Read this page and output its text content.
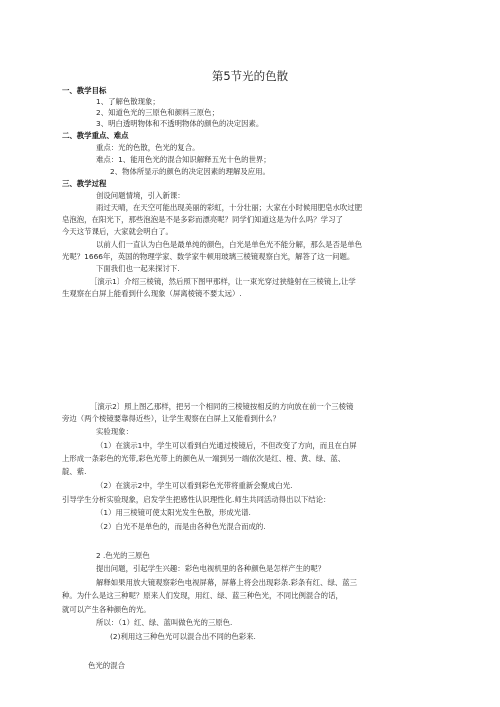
第5节光的色散
一、教学目标
1、了解色散现象；
2、知道色光的三原色和颜料三原色；
3、明白透明物体和不透明物体的颜色的决定因素。
二、教学重点、难点
重点：光的色散，色光的复合。
难点：1、能用色光的混合知识解释五光十色的世界；
2、物体所显示的颜色的决定因素的理解及应用。
三、教学过程
创设问题情境，引入新课：
雨过天晴，在天空可能出现美丽的彩虹，十分壮丽；大家在小时候用肥皂水吹过肥
皂泡泡，在阳光下，那些泡泡是不是多彩而漂亮呢？同学们知道这是为什么吗？学习了
今天这节课后，大家就会明白了。
以前人们一直认为白色是最单纯的颜色，白光是单色光不能分解，那么是否是单色
光呢？1666年，英国的物理学家、数学家牛顿用玻璃三棱镜观察白光，解答了这一问题。
下面我们也一起来探讨下.
［演示1〕介绍三棱镜，然后照下图甲那样，让一束光穿过狭缝射在三棱镜上,让学
生观察在白屏上能看到什么现象（屏离棱镜不要太远）.
［演示2〕照上图乙那样，把另一个相同的三棱镜按相反的方向放在前一个三棱镜
旁边（两个棱镜要靠得近些），让学生观察在白屏上又能看到什么？
实验现象：
（1）在演示1中，学生可以看到白光通过棱镜后，不但改变了方向，而且在白屏
上形成一条彩色的光带,彩色光带上的颜色从一端到另一端依次是红、橙、黄、绿、蓝、
靛、紫.
（2）在演示2中，学生可以看到彩色光带将重新会聚成白光.
引导学生分析实验现象，启发学生把感性认识理性化.师生共同活动得出以下结论：
（1）用三棱镜可使太阳光发生色散，形成光谱.
（2）白光不是单色的，而是由各种色光混合而成的.
2 .色光的三原色
提出问题，引起学生兴趣：彩色电视机里的各种颜色是怎样产生的呢？
解释如果用放大镜观察彩色电视屏幕，屏幕上将会出现彩条.彩条有红、绿、蓝三
种。为什么是这三种呢？原来人们发现，用红、绿、蓝三种色光，不同比例混合的话，
就可以产生各种颜色的光。
所以：（1）红、绿、蓝叫做色光的三原色.
(2)利用这三种色光可以混合出不同的色彩来.
色光的混合
